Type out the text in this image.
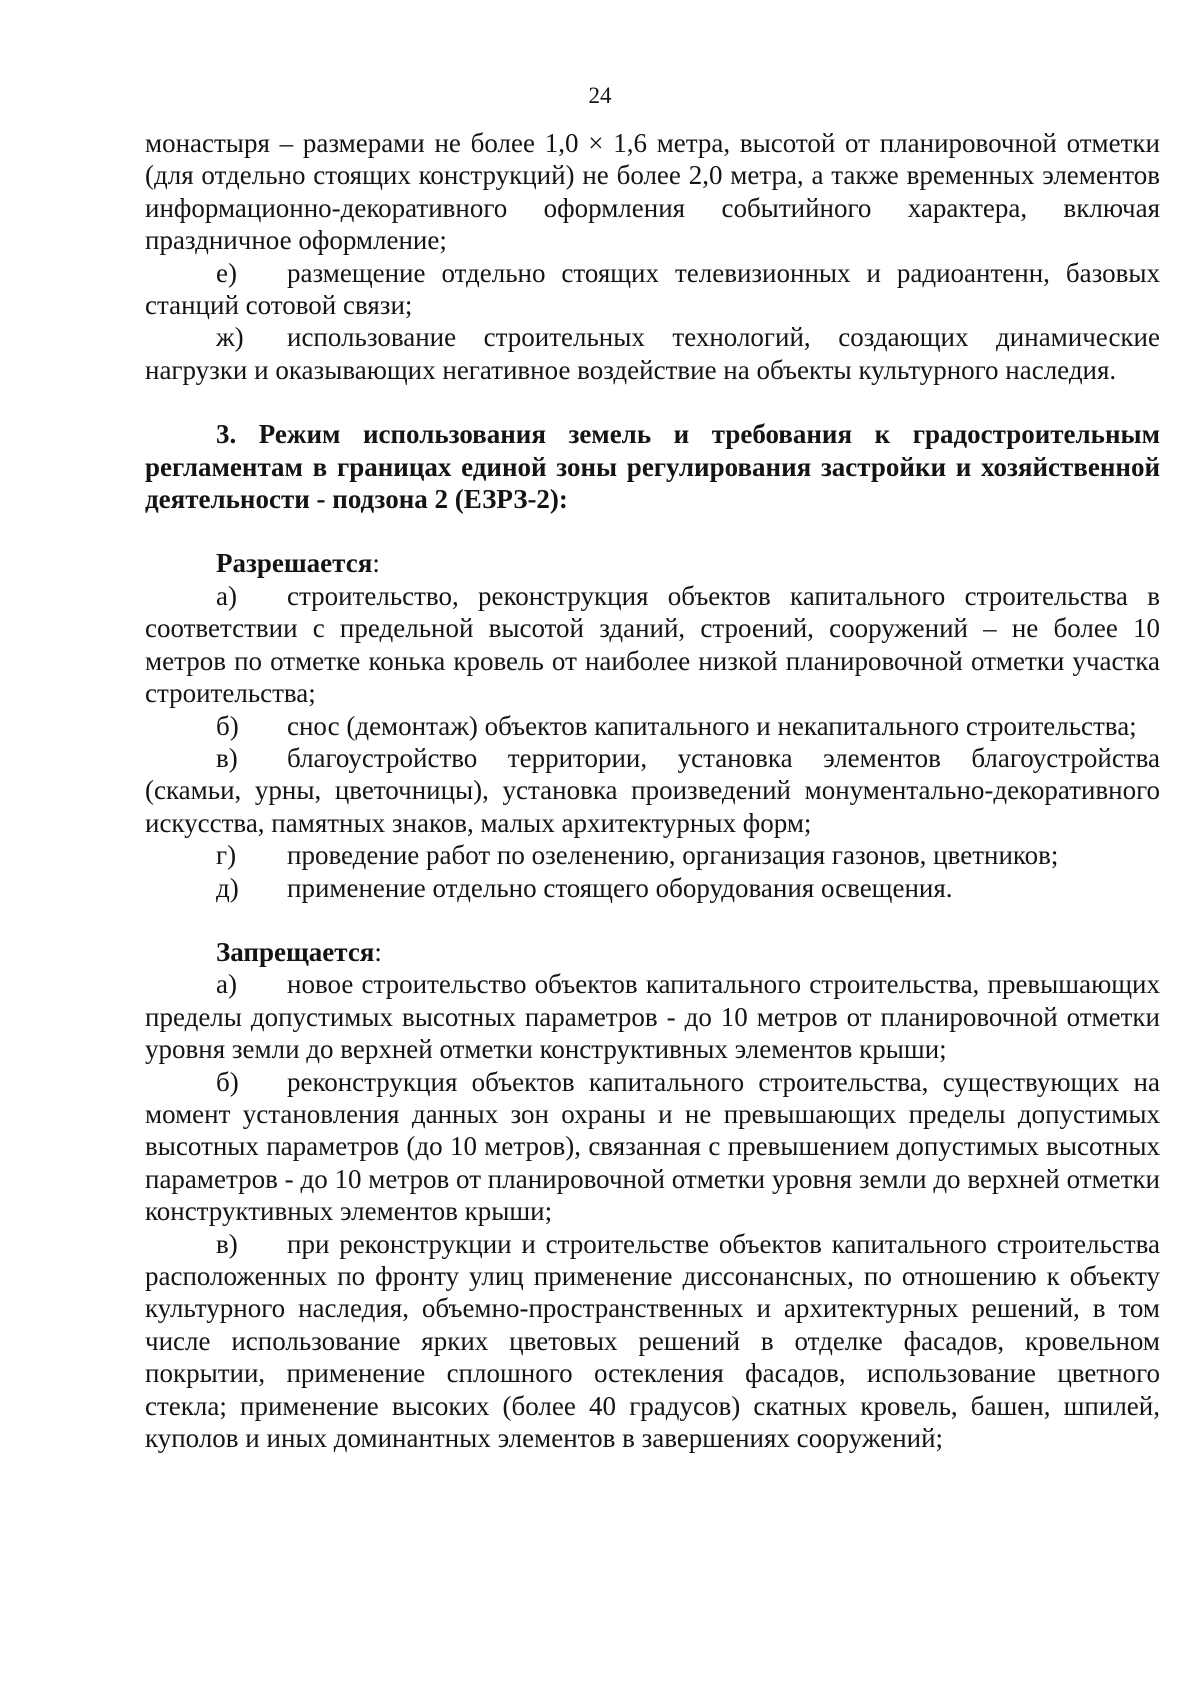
24

монастыря – размерами не более 1,0 × 1,6 метра, высотой от планировочной отметки (для отдельно стоящих конструкций) не более 2,0 метра, а также временных элементов информационно-декоративного оформления событийного характера, включая праздничное оформление;

е) размещение отдельно стоящих телевизионных и радиоантенн, базовых станций сотовой связи;

ж) использование строительных технологий, создающих динамические нагрузки и оказывающих негативное воздействие на объекты культурного наследия.

3. Режим использования земель и требования к градостроительным регламентам в границах единой зоны регулирования застройки и хозяйственной деятельности - подзона 2 (ЕЗРЗ-2):

Разрешается:

а) строительство, реконструкция объектов капитального строительства в соответствии с предельной высотой зданий, строений, сооружений – не более 10 метров по отметке конька кровель от наиболее низкой планировочной отметки участка строительства;

б) снос (демонтаж) объектов капитального и некапитального строительства;

в) благоустройство территории, установка элементов благоустройства (скамьи, урны, цветочницы), установка произведений монументально-декоративного искусства, памятных знаков, малых архитектурных форм;

г) проведение работ по озеленению, организация газонов, цветников;

д) применение отдельно стоящего оборудования освещения.

Запрещается:

а) новое строительство объектов капитального строительства, превышающих пределы допустимых высотных параметров - до 10 метров от планировочной отметки уровня земли до верхней отметки конструктивных элементов крыши;

б) реконструкция объектов капитального строительства, существующих на момент установления данных зон охраны и не превышающих пределы допустимых высотных параметров (до 10 метров), связанная с превышением допустимых высотных параметров - до 10 метров от планировочной отметки уровня земли до верхней отметки конструктивных элементов крыши;

в) при реконструкции и строительстве объектов капитального строительства расположенных по фронту улиц применение диссонансных, по отношению к объекту культурного наследия, объемно-пространственных и архитектурных решений, в том числе использование ярких цветовых решений в отделке фасадов, кровельном покрытии, применение сплошного остекления фасадов, использование цветного стекла; применение высоких (более 40 градусов) скатных кровель, башен, шпилей, куполов и иных доминантных элементов в завершениях сооружений;
